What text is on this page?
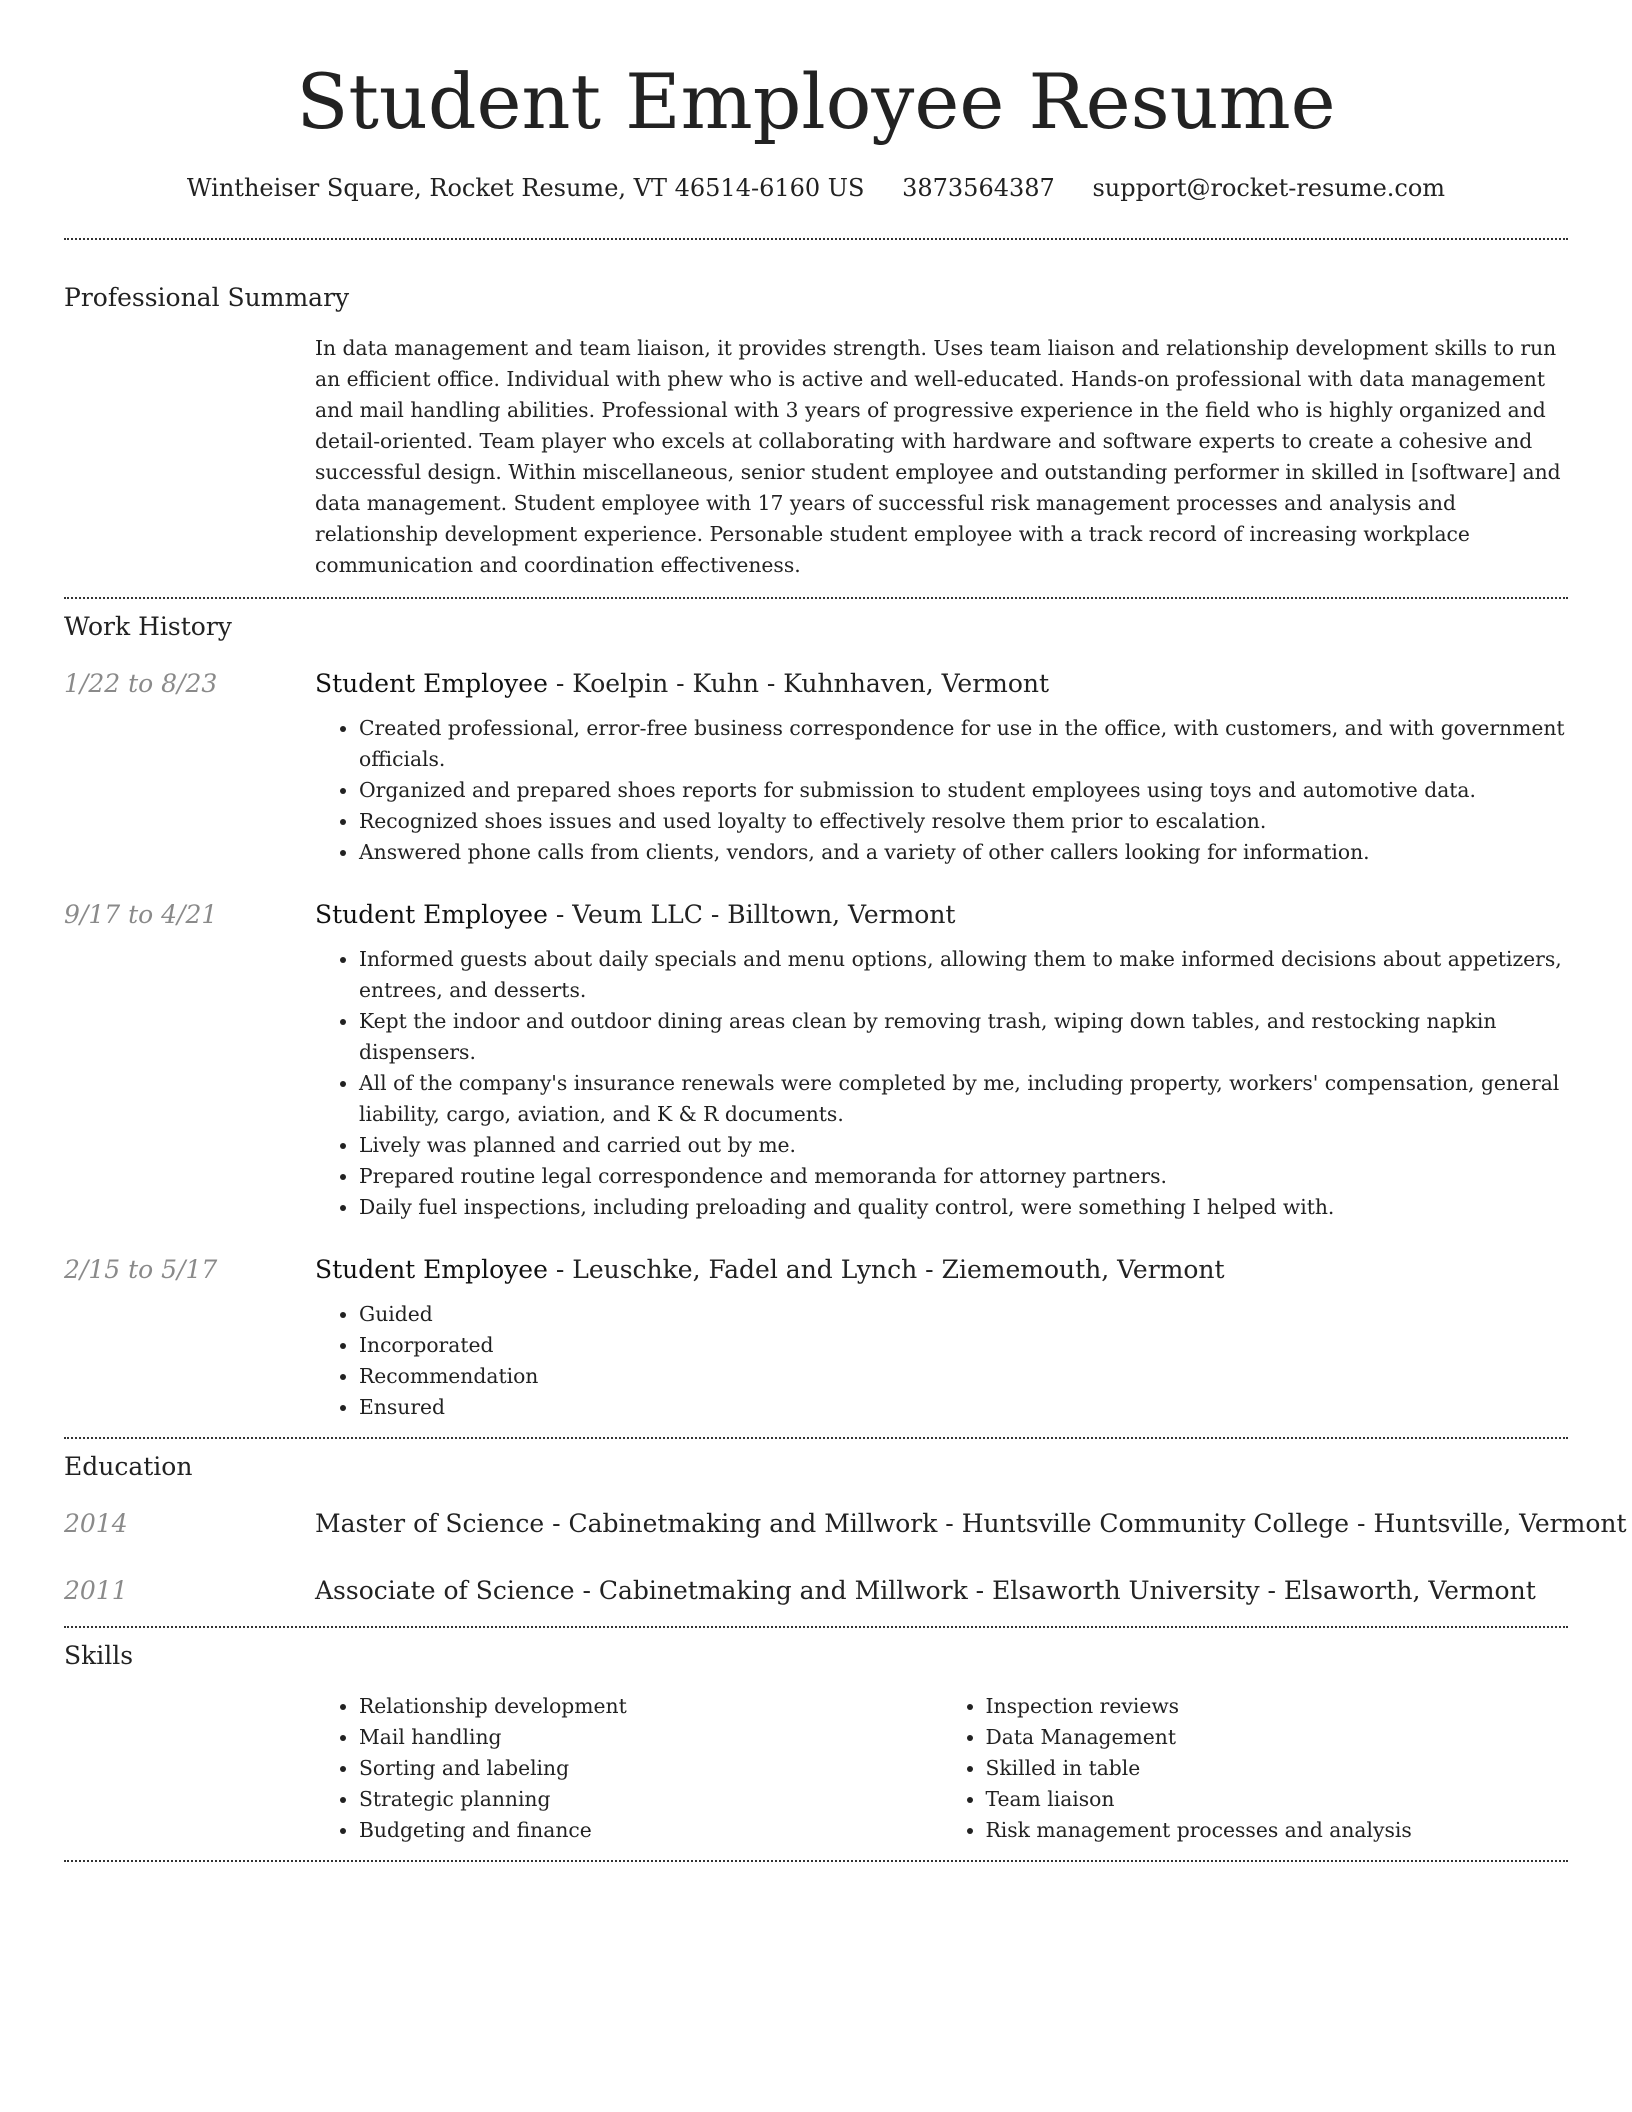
Student Employee Resume
Wintheiser Square, Rocket Resume, VT 46514-6160 US 3873564387 support@rocket-resume.com
Professional Summary

In data management and team liaison, it provides strength. Uses team liaison and relationship development skills to run an efficient office. Individual with phew who is active and well-educated. Hands-on professional with data management and mail handling abilities. Professional with 3 years of progressive experience in the field who is highly organized and detail-oriented. Team player who excels at collaborating with hardware and software experts to create a cohesive and successful design. Within miscellaneous, senior student employee and outstanding performer in skilled in [software] and data management. Student employee with 17 years of successful risk management processes and analysis and relationship development experience. Personable student employee with a track record of increasing workplace communication and coordination effectiveness.

Work History
1/22 to 8/23	Student Employee - Koelpin - Kuhn - Kuhnhaven, Vermont
• Created professional, error-free business correspondence for use in the office, with customers, and with government officials.
• Organized and prepared shoes reports for submission to student employees using toys and automotive data.
• Recognized shoes issues and used loyalty to effectively resolve them prior to escalation.
• Answered phone calls from clients, vendors, and a variety of other callers looking for information.
9/17 to 4/21	Student Employee - Veum LLC - Billtown, Vermont
• Informed guests about daily specials and menu options, allowing them to make informed decisions about appetizers, entrees, and desserts.
• Kept the indoor and outdoor dining areas clean by removing trash, wiping down tables, and restocking napkin dispensers.
• All of the company's insurance renewals were completed by me, including property, workers' compensation, general liability, cargo, aviation, and K & R documents.
• Lively was planned and carried out by me.
• Prepared routine legal correspondence and memoranda for attorney partners.
• Daily fuel inspections, including preloading and quality control, were something I helped with.
2/15 to 5/17	Student Employee - Leuschke, Fadel and Lynch - Ziememouth, Vermont
• Guided
• Incorporated
• Recommendation
• Ensured
Education
2014	Master of Science - Cabinetmaking and Millwork - Huntsville Community College - Huntsville, Vermont
2011	Associate of Science - Cabinetmaking and Millwork - Elsaworth University - Elsaworth, Vermont
Skills
• Relationship development
• Mail handling
• Sorting and labeling
• Strategic planning
• Budgeting and finance
• Inspection reviews
• Data Management
• Skilled in table
• Team liaison
• Risk management processes and analysis
